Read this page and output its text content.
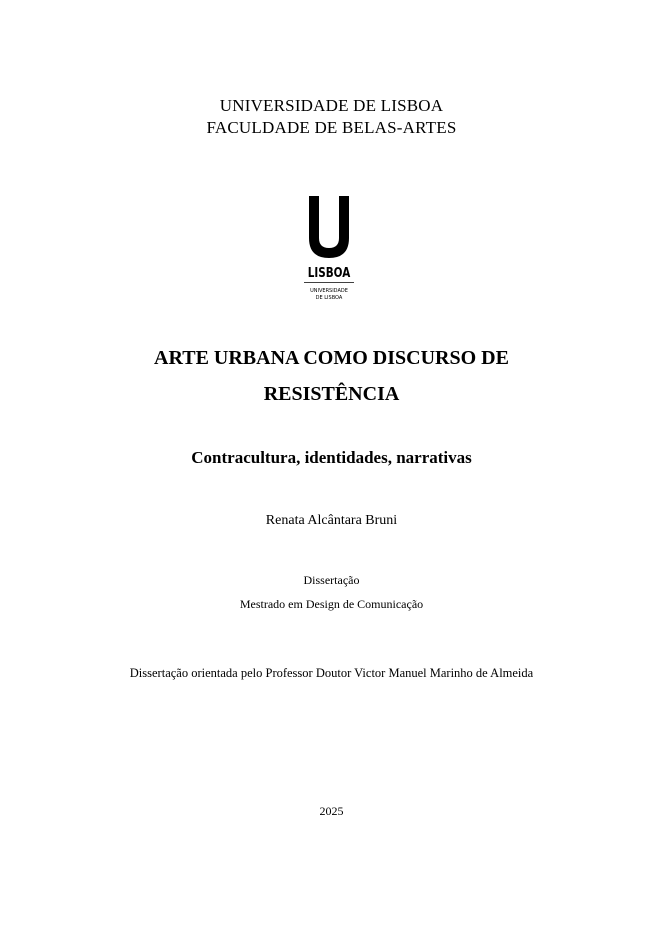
UNIVERSIDADE DE LISBOA
FACULDADE DE BELAS-ARTES
LISBOA
UNIVERSIDADE
DE LISBOA
ARTE URBANA COMO DISCURSO DE
RESISTÊNCIA
Contracultura, identidades, narrativas
Renata Alcântara Bruni
Dissertação
Mestrado em Design de Comunicação
Dissertação orientada pelo Professor Doutor Victor Manuel Marinho de Almeida
2025
